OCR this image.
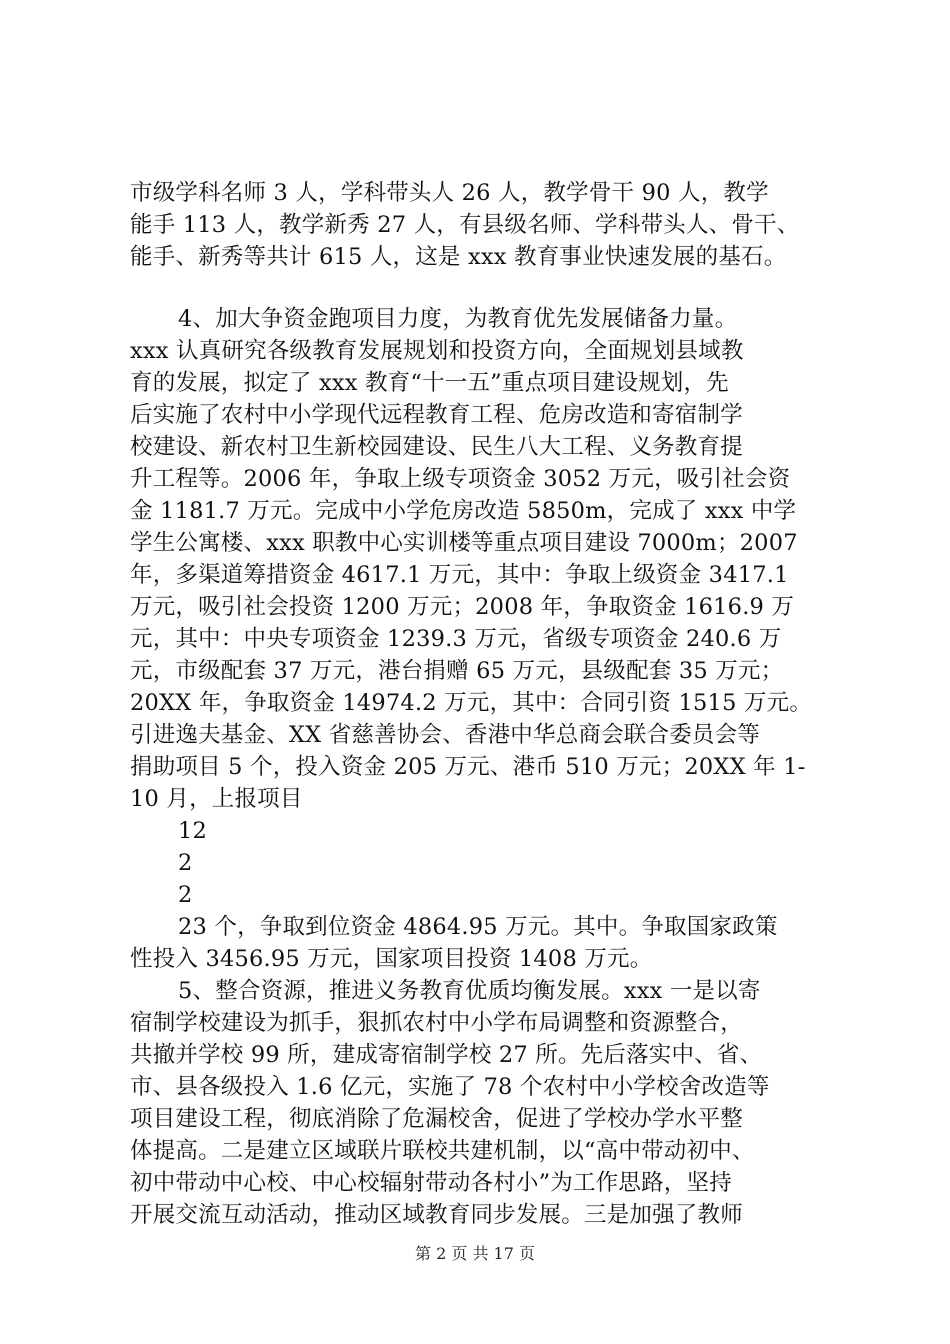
市级学科名师 3 人，学科带头人 26 人，教学骨干 90 人，教学
能手 113 人，教学新秀 27 人，有县级名师、学科带头人、骨干、
能手、新秀等共计 615 人，这是 xxx 教育事业快速发展的基石。
4、加大争资金跑项目力度，为教育优先发展储备力量。
xxx 认真研究各级教育发展规划和投资方向，全面规划县域教
育的发展，拟定了 xxx 教育“十一五”重点项目建设规划，先
后实施了农村中小学现代远程教育工程、危房改造和寄宿制学
校建设、新农村卫生新校园建设、民生八大工程、义务教育提
升工程等。2006 年，争取上级专项资金 3052 万元，吸引社会资
金 1181.7 万元。完成中小学危房改造 5850m，完成了 xxx 中学
学生公寓楼、xxx 职教中心实训楼等重点项目建设 7000m；2007
年，多渠道筹措资金 4617.1 万元，其中：争取上级资金 3417.1
万元，吸引社会投资 1200 万元；2008 年，争取资金 1616.9 万
元，其中：中央专项资金 1239.3 万元，省级专项资金 240.6 万
元，市级配套 37 万元，港台捐赠 65 万元，县级配套 35 万元；
20XX 年，争取资金 14974.2 万元，其中：合同引资 1515 万元。
引进逸夫基金、XX 省慈善协会、香港中华总商会联合委员会等
捐助项目 5 个，投入资金 205 万元、港币 510 万元；20XX 年 1-
10 月，上报项目
12
2
2
23 个，争取到位资金 4864.95 万元。其中。争取国家政策
性投入 3456.95 万元，国家项目投资 1408 万元。
5、整合资源，推进义务教育优质均衡发展。xxx 一是以寄
宿制学校建设为抓手，狠抓农村中小学布局调整和资源整合，
共撤并学校 99 所，建成寄宿制学校 27 所。先后落实中、省、
市、县各级投入 1.6 亿元，实施了 78 个农村中小学校舍改造等
项目建设工程，彻底消除了危漏校舍，促进了学校办学水平整
体提高。二是建立区域联片联校共建机制，以“高中带动初中、
初中带动中心校、中心校辐射带动各村小”为工作思路，坚持
开展交流互动活动，推动区域教育同步发展。三是加强了教师
第 2 页 共 17 页
